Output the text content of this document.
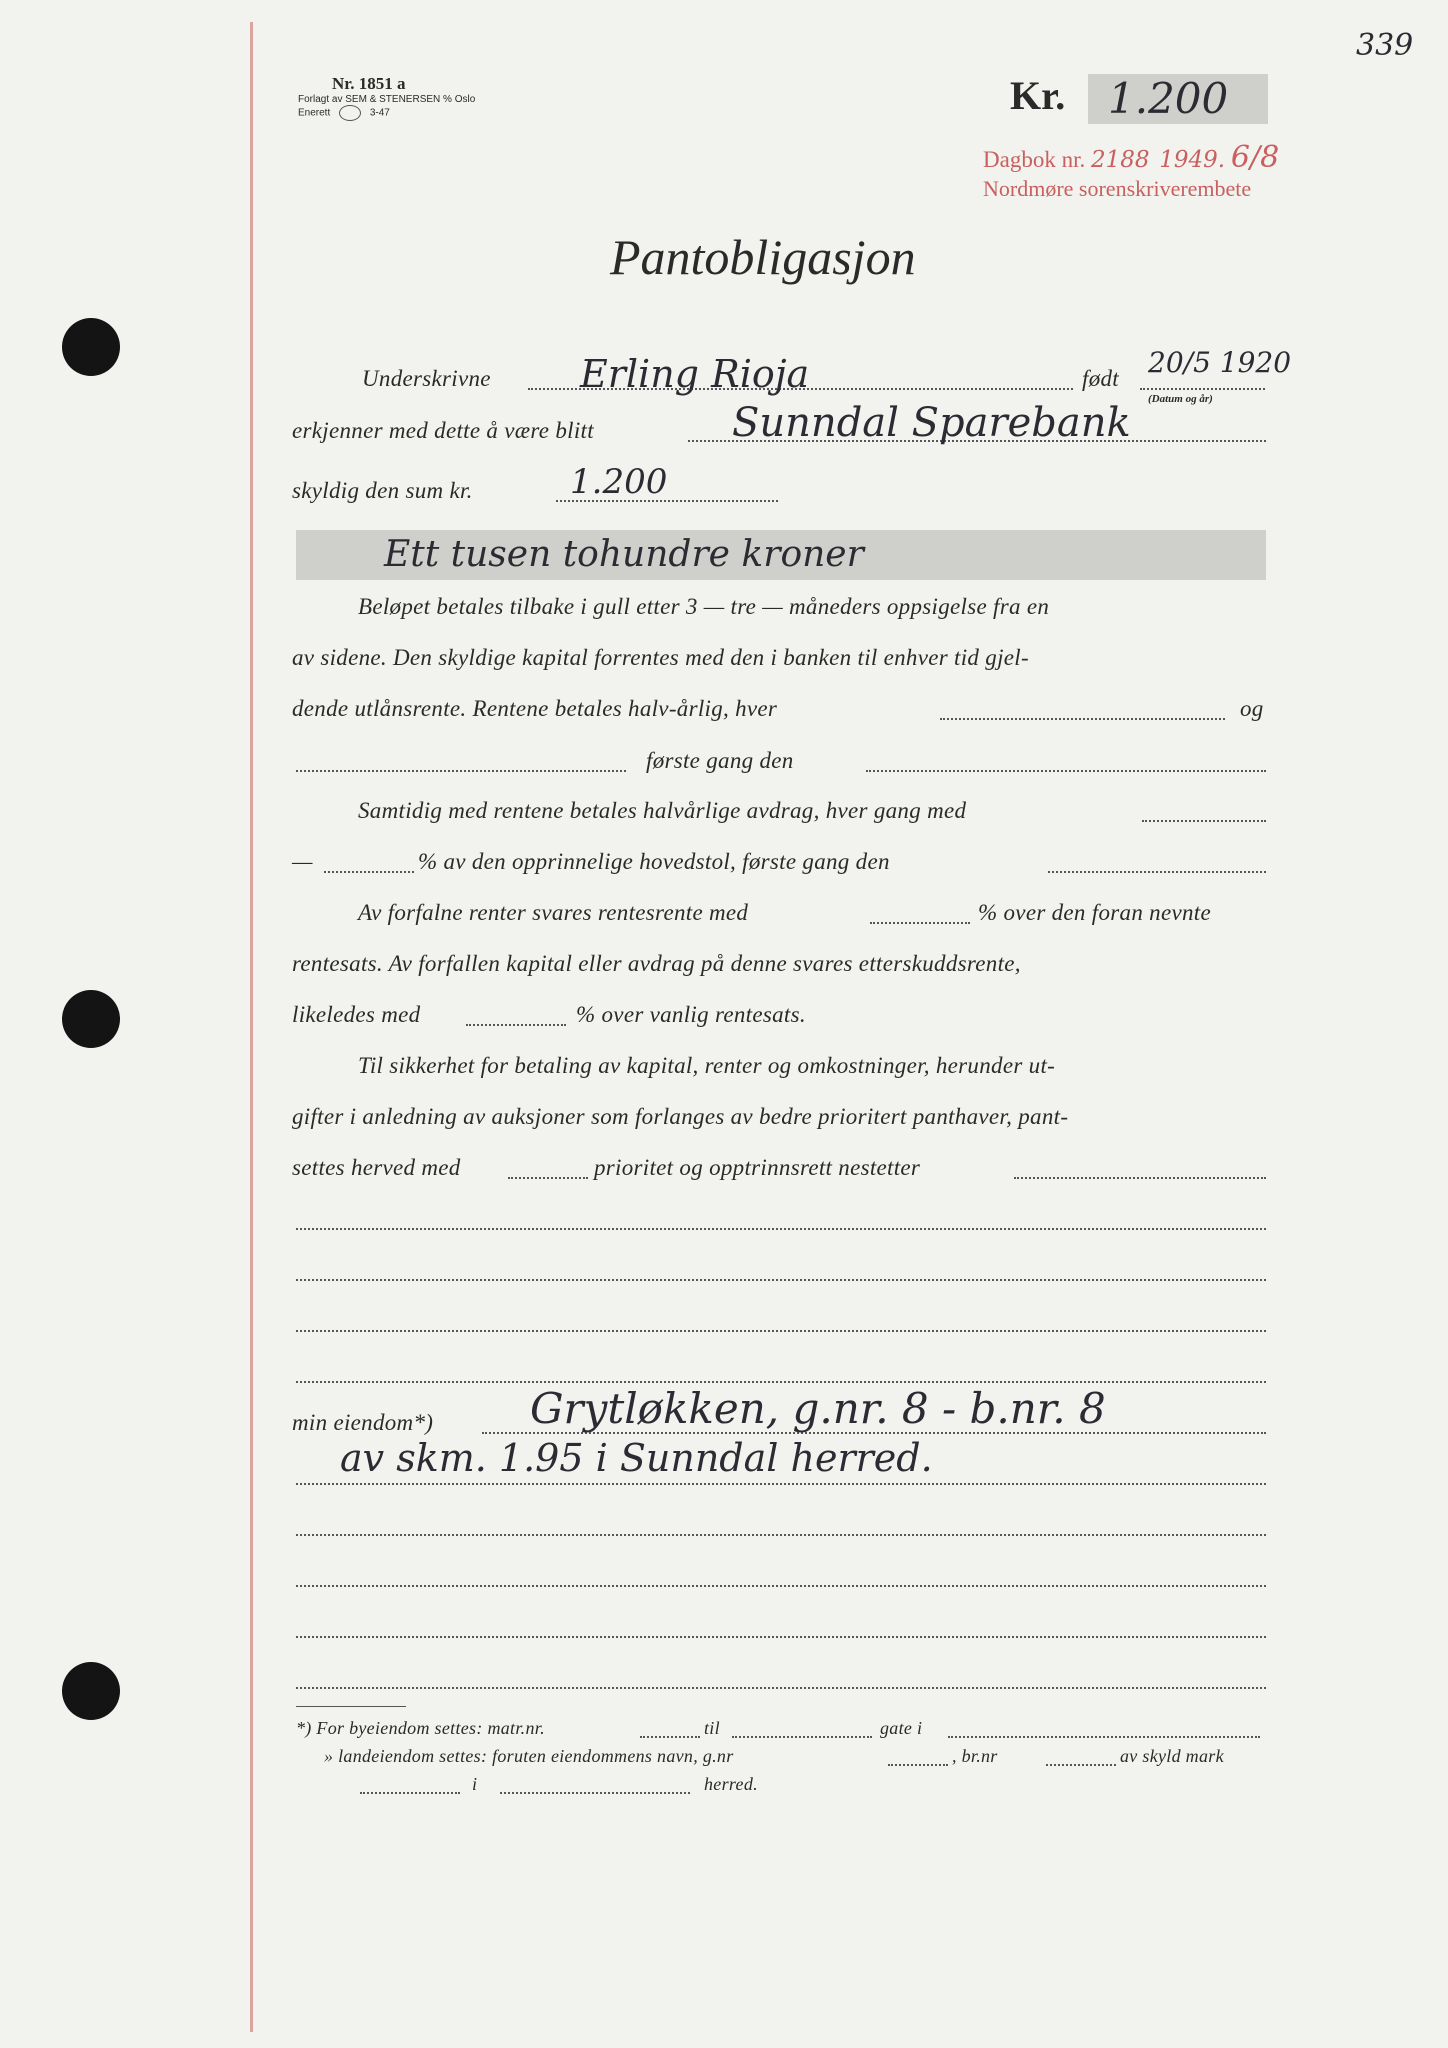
339
Nr. 1851 a
Forlagt av SEM & STENERSEN % Oslo
Enerett	3-47	Kr. 1.200
Dagbok nr. 2188 1949. 6/8
Nordmøre sorenskriverembete
Pantobligasjon
Underskrivne Erling Rioja	født 20/5 1920
(Datum og år)
erkjenner med dette å være blitt	Sunndal Sparebank
skyldig den sum kr.	1.200
Ett tusen tohundre kroner
Beløpet betales tilbake i gull etter 3 — tre — måneders oppsigelse fra en
av sidene. Den skyldige kapital forrentes med den i banken til enhver tid gjel-
dende utlånsrente. Rentene betales halv-årlig, hver	og
første gang den
Samtidig med rentene betales halvårlige avdrag, hver gang med
—	% av den opprinnelige hovedstol, første gang den
Av forfalne renter svares rentesrente med	% over den foran nevnte
rentesats. Av forfallen kapital eller avdrag på denne svares etterskuddsrente,
likeledes med	% over vanlig rentesats.
Til sikkerhet for betaling av kapital, renter og omkostninger, herunder ut-
gifter i anledning av auksjoner som forlanges av bedre prioritert panthaver, pant-
settes herved med	prioritet og opptrinnsrett nestetter
min eiendom*) Grytløkken, g.nr. 8 - b.nr. 8
av skm. 1.95 i Sunndal herred.
*) For byeiendom settes: matr.nr.	til	gate i
» landeiendom settes: foruten eiendommens navn, g.nr	, br.nr	av skyld mark
i	herred.
